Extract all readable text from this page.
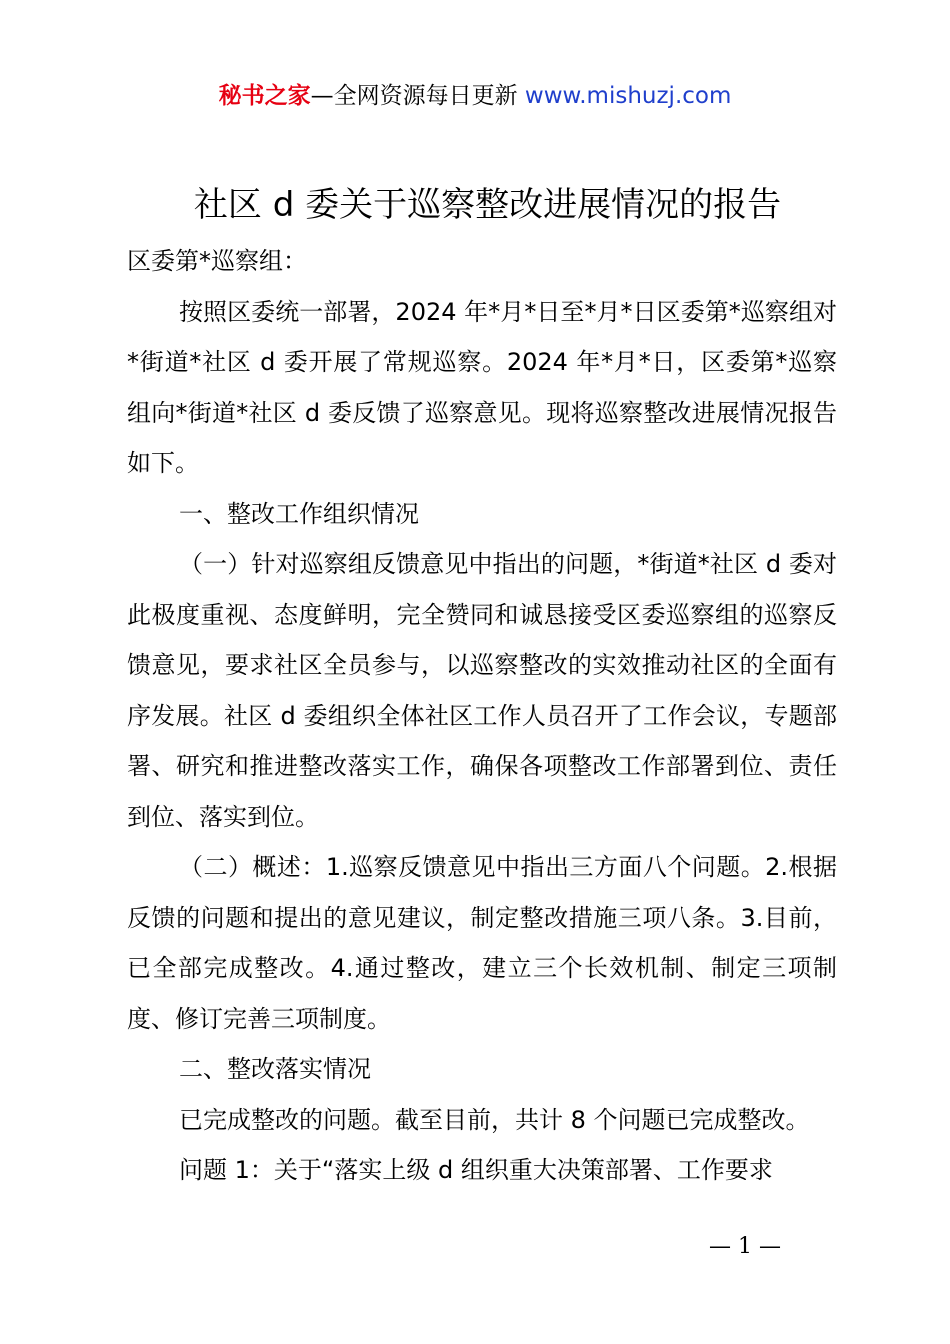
秘书之家—全网资源每日更新 www.mishuzj.com
社区 d 委关于巡察整改进展情况的报告

区委第*巡察组：

按照区委统一部署，2024 年*月*日至*月*日区委第*巡察组对*街道*社区 d 委开展了常规巡察。2024 年*月*日，区委第*巡察组向*街道*社区 d 委反馈了巡察意见。现将巡察整改进展情况报告如下。

一、整改工作组织情况

（一）针对巡察组反馈意见中指出的问题，*街道*社区 d 委对此极度重视、态度鲜明，完全赞同和诚恳接受区委巡察组的巡察反馈意见，要求社区全员参与，以巡察整改的实效推动社区的全面有序发展。社区 d 委组织全体社区工作人员召开了工作会议，专题部署、研究和推进整改落实工作，确保各项整改工作部署到位、责任到位、落实到位。

（二）概述：1.巡察反馈意见中指出三方面八个问题。2.根据反馈的问题和提出的意见建议，制定整改措施三项八条。3.目前，已全部完成整改。4.通过整改，建立三个长效机制、制定三项制度、修订完善三项制度。

二、整改落实情况

已完成整改的问题。截至目前，共计 8 个问题已完成整改。

问题 1：关于“落实上级 d 组织重大决策部署、工作要求

— 1 —
